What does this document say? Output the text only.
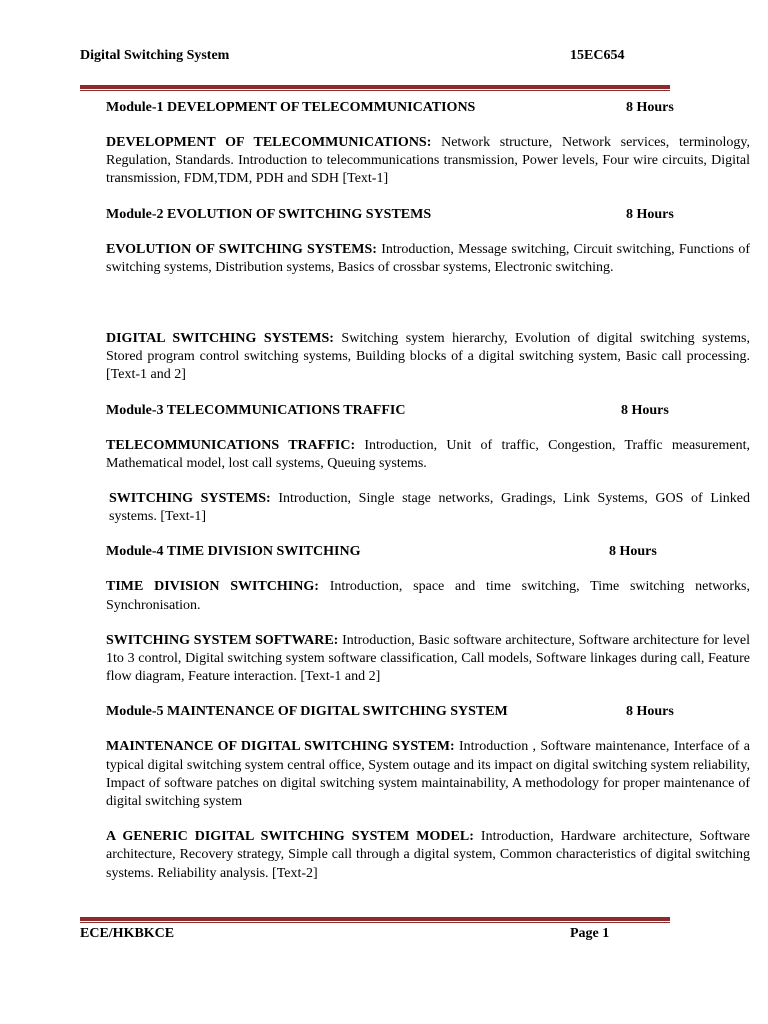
Digital Switching System	15EC654
Module-1 DEVELOPMENT OF TELECOMMUNICATIONS	8 Hours

DEVELOPMENT OF TELECOMMUNICATIONS: Network structure, Network services, terminology, Regulation, Standards. Introduction to telecommunications transmission, Power levels, Four wire circuits, Digital transmission, FDM,TDM, PDH and SDH [Text-1]

Module-2 EVOLUTION OF SWITCHING SYSTEMS	8 Hours

EVOLUTION OF SWITCHING SYSTEMS: Introduction, Message switching, Circuit switching, Functions of switching systems, Distribution systems, Basics of crossbar systems, Electronic switching.

DIGITAL SWITCHING SYSTEMS: Switching system hierarchy, Evolution of digital switching systems, Stored program control switching systems, Building blocks of a digital switching system, Basic call processing. [Text-1 and 2]

Module-3 TELECOMMUNICATIONS TRAFFIC	8 Hours

TELECOMMUNICATIONS TRAFFIC: Introduction, Unit of traffic, Congestion, Traffic measurement, Mathematical model, lost call systems, Queuing systems.

SWITCHING SYSTEMS: Introduction, Single stage networks, Gradings, Link Systems, GOS of Linked systems. [Text-1]

Module-4 TIME DIVISION SWITCHING	8 Hours

TIME DIVISION SWITCHING: Introduction, space and time switching, Time switching networks, Synchronisation.

SWITCHING SYSTEM SOFTWARE: Introduction, Basic software architecture, Software architecture for level 1to 3 control, Digital switching system software classification, Call models, Software linkages during call, Feature flow diagram, Feature interaction. [Text-1 and 2]

Module-5 MAINTENANCE OF DIGITAL SWITCHING SYSTEM	8 Hours

MAINTENANCE OF DIGITAL SWITCHING SYSTEM: Introduction , Software maintenance, Interface of a typical digital switching system central office, System outage and its impact on digital switching system reliability, Impact of software patches on digital switching system maintainability, A methodology for proper maintenance of digital switching system

A GENERIC DIGITAL SWITCHING SYSTEM MODEL: Introduction, Hardware architecture, Software architecture, Recovery strategy, Simple call through a digital system, Common characteristics of digital switching systems. Reliability analysis. [Text-2]

ECE/HKBKCE	Page 1
